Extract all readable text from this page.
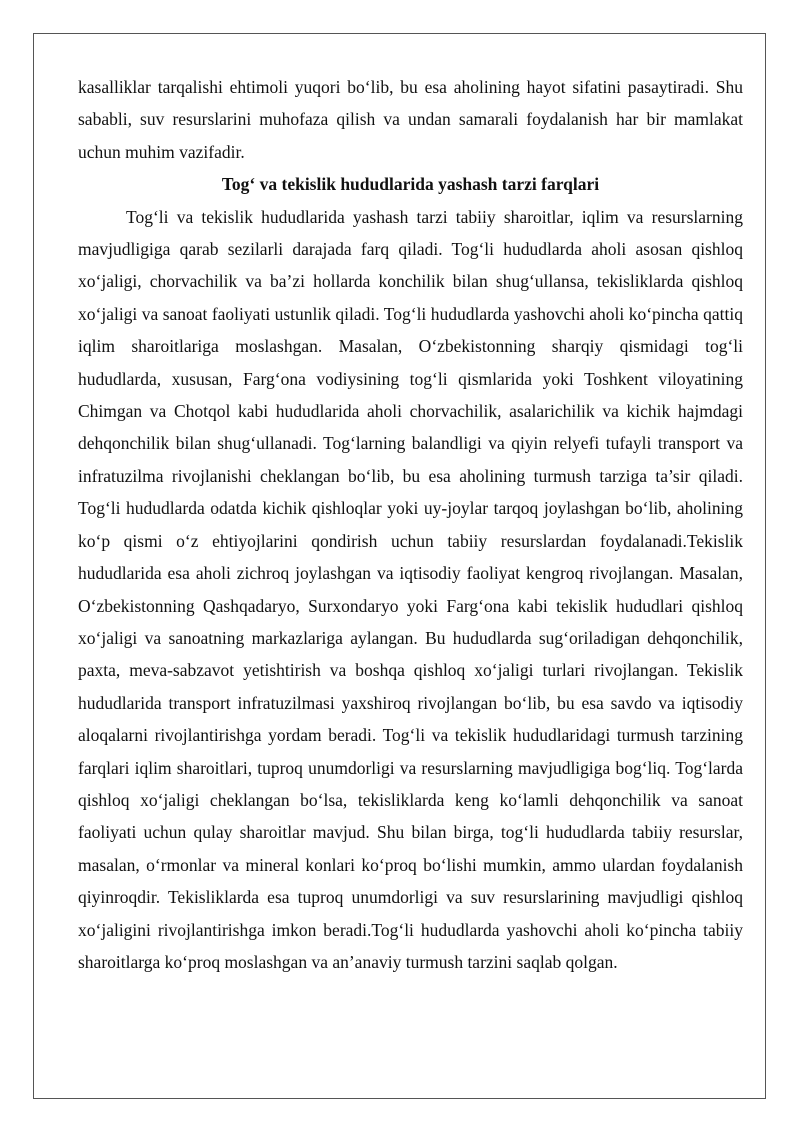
kasalliklar tarqalishi ehtimoli yuqori bo‘lib, bu esa aholining hayot sifatini pasaytiradi. Shu sababli, suv resurslarini muhofaza qilish va undan samarali foydalanish har bir mamlakat uchun muhim vazifadir.

Tog‘ va tekislik hududlarida yashash tarzi farqlari

Tog‘li va tekislik hududlarida yashash tarzi tabiiy sharoitlar, iqlim va resurslarning mavjudligiga qarab sezilarli darajada farq qiladi. Tog‘li hududlarda aholi asosan qishloq xo‘jaligi, chorvachilik va ba’zi hollarda konchilik bilan shug‘ullansa, tekisliklarda qishloq xo‘jaligi va sanoat faoliyati ustunlik qiladi. Tog‘li hududlarda yashovchi aholi ko‘pincha qattiq iqlim sharoitlariga moslashgan. Masalan, O‘zbekistonning sharqiy qismidagi tog‘li hududlarda, xususan, Farg‘ona vodiysining tog‘li qismlarida yoki Toshkent viloyatining Chimgan va Chotqol kabi hududlarida aholi chorvachilik, asalarichilik va kichik hajmdagi dehqonchilik bilan shug‘ullanadi. Tog‘larning balandligi va qiyin relyefi tufayli transport va infratuzilma rivojlanishi cheklangan bo‘lib, bu esa aholining turmush tarziga ta’sir qiladi. Tog‘li hududlarda odatda kichik qishloqlar yoki uy-joylar tarqoq joylashgan bo‘lib, aholining ko‘p qismi o‘z ehtiyojlarini qondirish uchun tabiiy resurslardan foydalanadi.Tekislik hududlarida esa aholi zichroq joylashgan va iqtisodiy faoliyat kengroq rivojlangan. Masalan, O‘zbekistonning Qashqadaryo, Surxondaryo yoki Farg‘ona kabi tekislik hududlari qishloq xo‘jaligi va sanoatning markazlariga aylangan. Bu hududlarda sug‘oriladigan dehqonchilik, paxta, meva-sabzavot yetishtirish va boshqa qishloq xo‘jaligi turlari rivojlangan. Tekislik hududlarida transport infratuzilmasi yaxshiroq rivojlangan bo‘lib, bu esa savdo va iqtisodiy aloqalarni rivojlantirishga yordam beradi. Tog‘li va tekislik hududlaridagi turmush tarzining farqlari iqlim sharoitlari, tuproq unumdorligi va resurslarning mavjudligiga bog‘liq. Tog‘larda qishloq xo‘jaligi cheklangan bo‘lsa, tekisliklarda keng ko‘lamli dehqonchilik va sanoat faoliyati uchun qulay sharoitlar mavjud. Shu bilan birga, tog‘li hududlarda tabiiy resurslar, masalan, o‘rmonlar va mineral konlari ko‘proq bo‘lishi mumkin, ammo ulardan foydalanish qiyinroqdir. Tekisliklarda esa tuproq unumdorligi va suv resurslarining mavjudligi qishloq xo‘jaligini rivojlantirishga imkon beradi.Tog‘li hududlarda yashovchi aholi ko‘pincha tabiiy sharoitlarga ko‘proq moslashgan va an’anaviy turmush tarzini saqlab qolgan.
